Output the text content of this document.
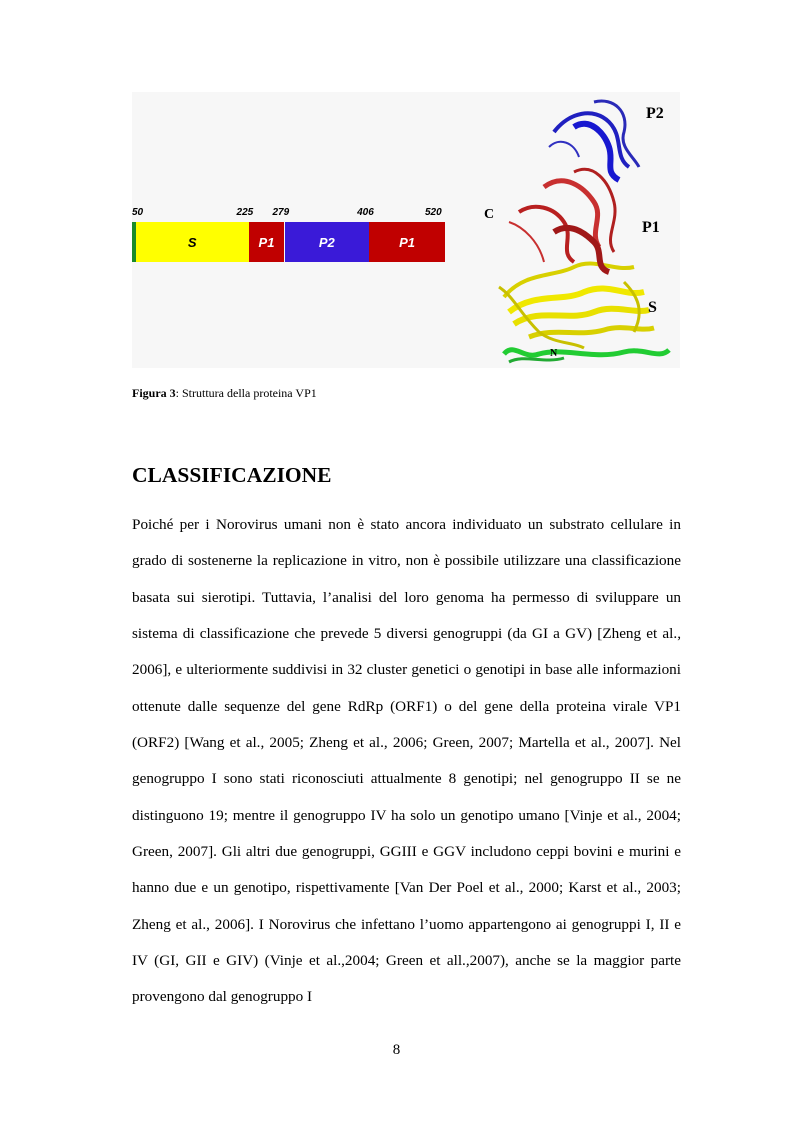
S	P1	P2	P1
50	225 279	406	520
P2
P1
S
C
N
Figura 3: Struttura della proteina VP1
CLASSIFICAZIONE

Poiché per i Norovirus umani non è stato ancora individuato un substrato cellulare in grado di sostenerne la replicazione in vitro, non è possibile utilizzare una classificazione basata sui sierotipi. Tuttavia, l’analisi del loro genoma ha permesso di sviluppare un sistema di classificazione che prevede 5 diversi genogruppi (da GI a GV) [Zheng et al., 2006], e ulteriormente suddivisi in 32 cluster genetici o genotipi in base alle informazioni ottenute dalle sequenze del gene RdRp (ORF1) o del gene della proteina virale VP1 (ORF2) [Wang et al., 2005; Zheng et al., 2006; Green, 2007; Martella et al., 2007]. Nel genogruppo I sono stati riconosciuti attualmente 8 genotipi; nel genogruppo II se ne distinguono 19; mentre il genogruppo IV ha solo un genotipo umano [Vinje et al., 2004; Green, 2007]. Gli altri due genogruppi, GGIII e GGV includono ceppi bovini e murini e hanno due e un genotipo, rispettivamente [Van Der Poel et al., 2000; Karst et al., 2003; Zheng et al., 2006]. I Norovirus che infettano l’uomo appartengono ai genogruppi I, II e IV (GI, GII e GIV) (Vinje et al.,2004; Green et all.,2007), anche se la maggior parte provengono dal genogruppo I

8
